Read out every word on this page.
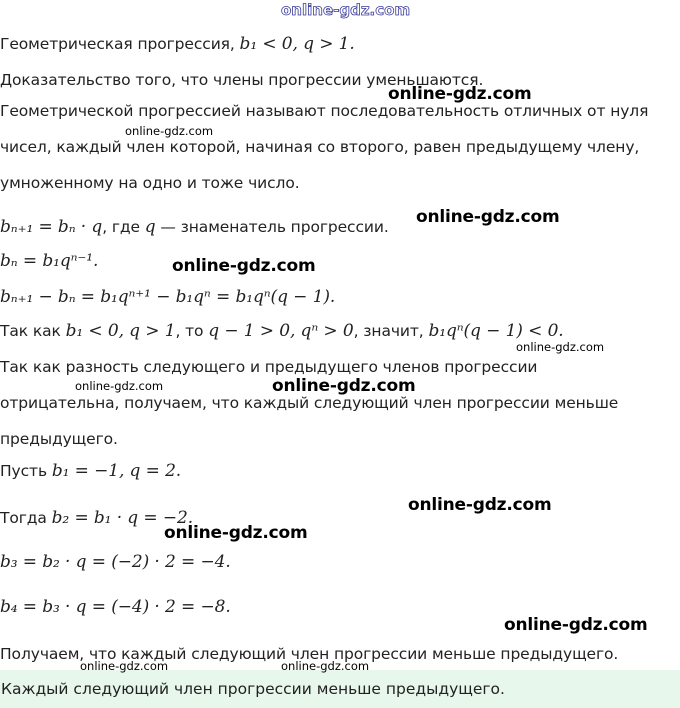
Геометрическая прогрессия, b₁ < 0, q > 1.
Доказательство того, что члены прогрессии уменьшаются.
Геометрической прогрессией называют последовательность отличных от нуля
чисел, каждый член которой, начиная со второго, равен предыдущему члену,
умноженному на одно и тоже число.
bₙ₊₁ = bₙ · q, где q — знаменатель прогрессии.
bₙ = b₁qⁿ⁻¹.
bₙ₊₁ − bₙ = b₁qⁿ⁺¹ − b₁qⁿ = b₁qⁿ(q − 1).
Так как b₁ < 0, q > 1, то q − 1 > 0, qⁿ > 0, значит, b₁qⁿ(q − 1) < 0.
Так как разность следующего и предыдущего членов прогрессии
отрицательна, получаем, что каждый следующий член прогрессии меньше
предыдущего.
Пусть b₁ = −1, q = 2.
Тогда b₂ = b₁ · q = −2.
b₃ = b₂ · q = (−2) · 2 = −4.
b₄ = b₃ · q = (−4) · 2 = −8.
Получаем, что каждый следующий член прогрессии меньше предыдущего.
Каждый следующий член прогрессии меньше предыдущего.
online-gdz.com
online-gdz.com
online-gdz.com
online-gdz.com
online-gdz.com
online-gdz.com
online-gdz.com
online-gdz.com
online-gdz.com
online-gdz.com
online-gdz.com
online-gdz.com	online-gdz.com
